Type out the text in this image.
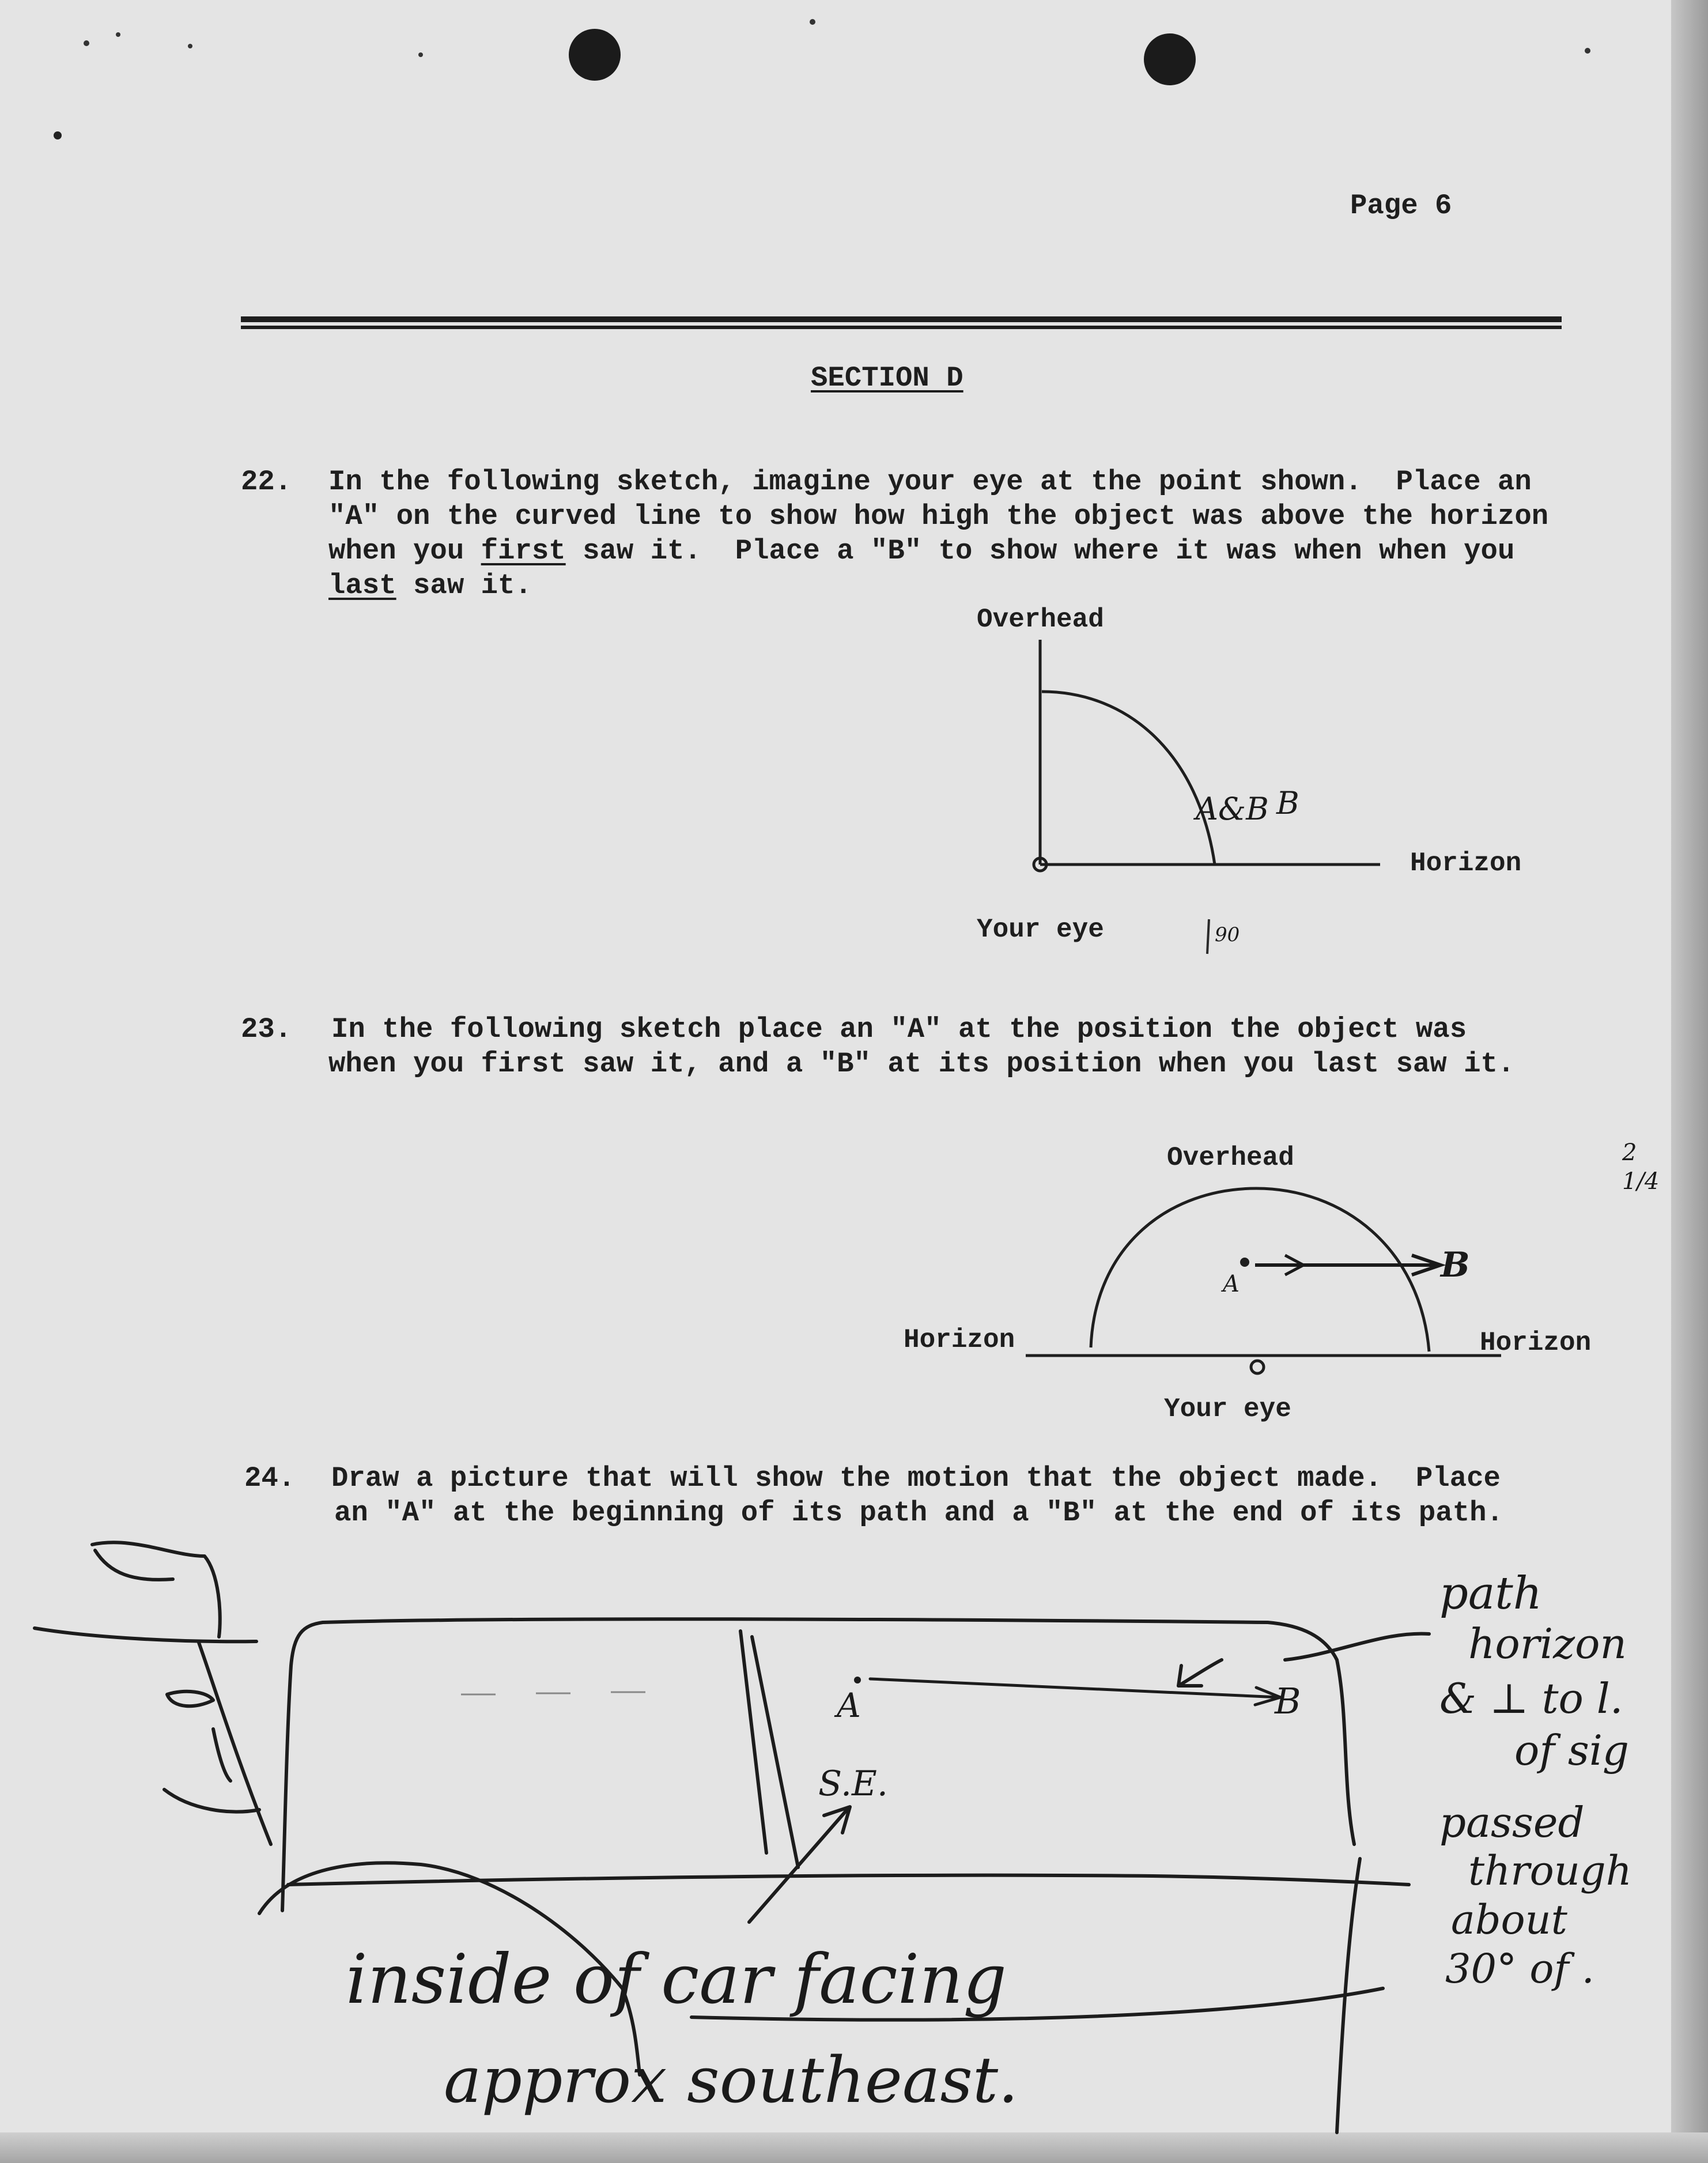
Page 6
SECTION D
22. In the following sketch, imagine your eye at the point shown.  Place an
"A" on the curved line to show how high the object was above the horizon
when you first saw it.  Place a "B" to show where it was when when you
last saw it.
Overhead
Horizon
Your eye
A&B B
90
23. In the following sketch place an "A" at the position the object was
when you first saw it, and a "B" at its position when you last saw it.
Overhead
Horizon	Horizon
Your eye
A	B
2 1/4
24. Draw a picture that will show the motion that the object made.  Place
an "A" at the beginning of its path and a "B" at the end of its path.
A	B
S.E.
inside of car facing
approx southeast.
path
horizon
& ⊥ to l.
of sig
passed
through
about
30° of .
